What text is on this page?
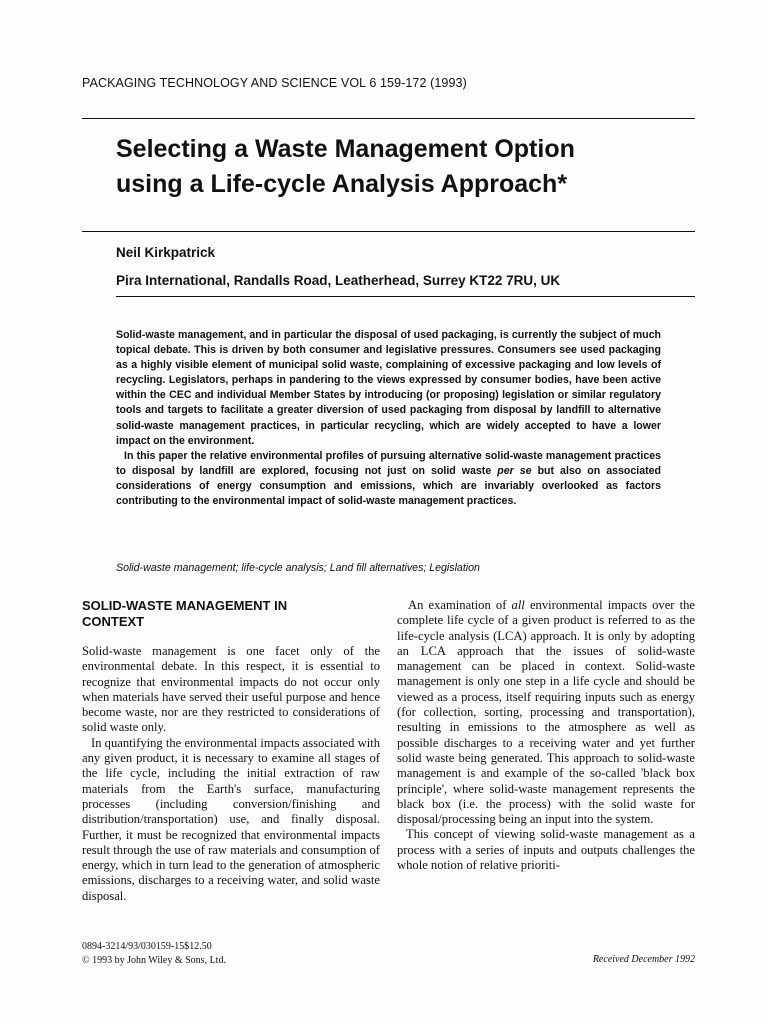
PACKAGING TECHNOLOGY AND SCIENCE VOL 6 159-172 (1993)
Selecting a Waste Management Option
using a Life-cycle Analysis Approach*
Neil Kirkpatrick
Pira International, Randalls Road, Leatherhead, Surrey KT22 7RU, UK

Solid-waste management, and in particular the disposal of used packaging, is currently the subject of much topical debate. This is driven by both consumer and legislative pressures. Consumers see used packaging as a highly visible element of municipal solid waste, complaining of excessive packaging and low levels of recycling. Legislators, perhaps in pandering to the views expressed by consumer bodies, have been active within the CEC and individual Member States by introducing (or proposing) legislation or similar regulatory tools and targets to facilitate a greater diversion of used packaging from disposal by landfill to alternative solid-waste management practices, in particular recycling, which are widely accepted to have a lower impact on the environment.

In this paper the relative environmental profiles of pursuing alternative solid-waste management practices to disposal by landfill are explored, focusing not just on solid waste per se but also on associated considerations of energy consumption and emissions, which are invariably overlooked as factors contributing to the environmental impact of solid-waste management practices.

Solid-waste management; life-cycle analysis; Land fill alternatives; Legislation
SOLID-WASTE MANAGEMENT IN
CONTEXT

Solid-waste management is one facet only of the environmental debate. In this respect, it is essential to recognize that environmental impacts do not occur only when materials have served their useful purpose and hence become waste, nor are they restricted to considerations of solid waste only.

In quantifying the environmental impacts associated with any given product, it is necessary to examine all stages of the life cycle, including the initial extraction of raw materials from the Earth's surface, manufacturing processes (including conversion/finishing and distribution/transportation) use, and finally disposal. Further, it must be recognized that environmental impacts result through the use of raw materials and consumption of energy, which in turn lead to the generation of atmospheric emissions, discharges to a receiving water, and solid waste disposal.

An examination of all environmental impacts over the complete life cycle of a given product is referred to as the life-cycle analysis (LCA) approach. It is only by adopting an LCA approach that the issues of solid-waste management can be placed in context. Solid-waste management is only one step in a life cycle and should be viewed as a process, itself requiring inputs such as energy (for collection, sorting, processing and transportation), resulting in emissions to the atmosphere as well as possible discharges to a receiving water and yet further solid waste being generated. This approach to solid-waste management is and example of the so-called 'black box principle', where solid-waste management represents the black box (i.e. the process) with the solid waste for disposal/processing being an input into the system.

This concept of viewing solid-waste management as a process with a series of inputs and outputs challenges the whole notion of relative prioriti-

0894-3214/93/030159-15$12.50
© 1993 by John Wiley & Sons, Ltd.	Received December 1992
